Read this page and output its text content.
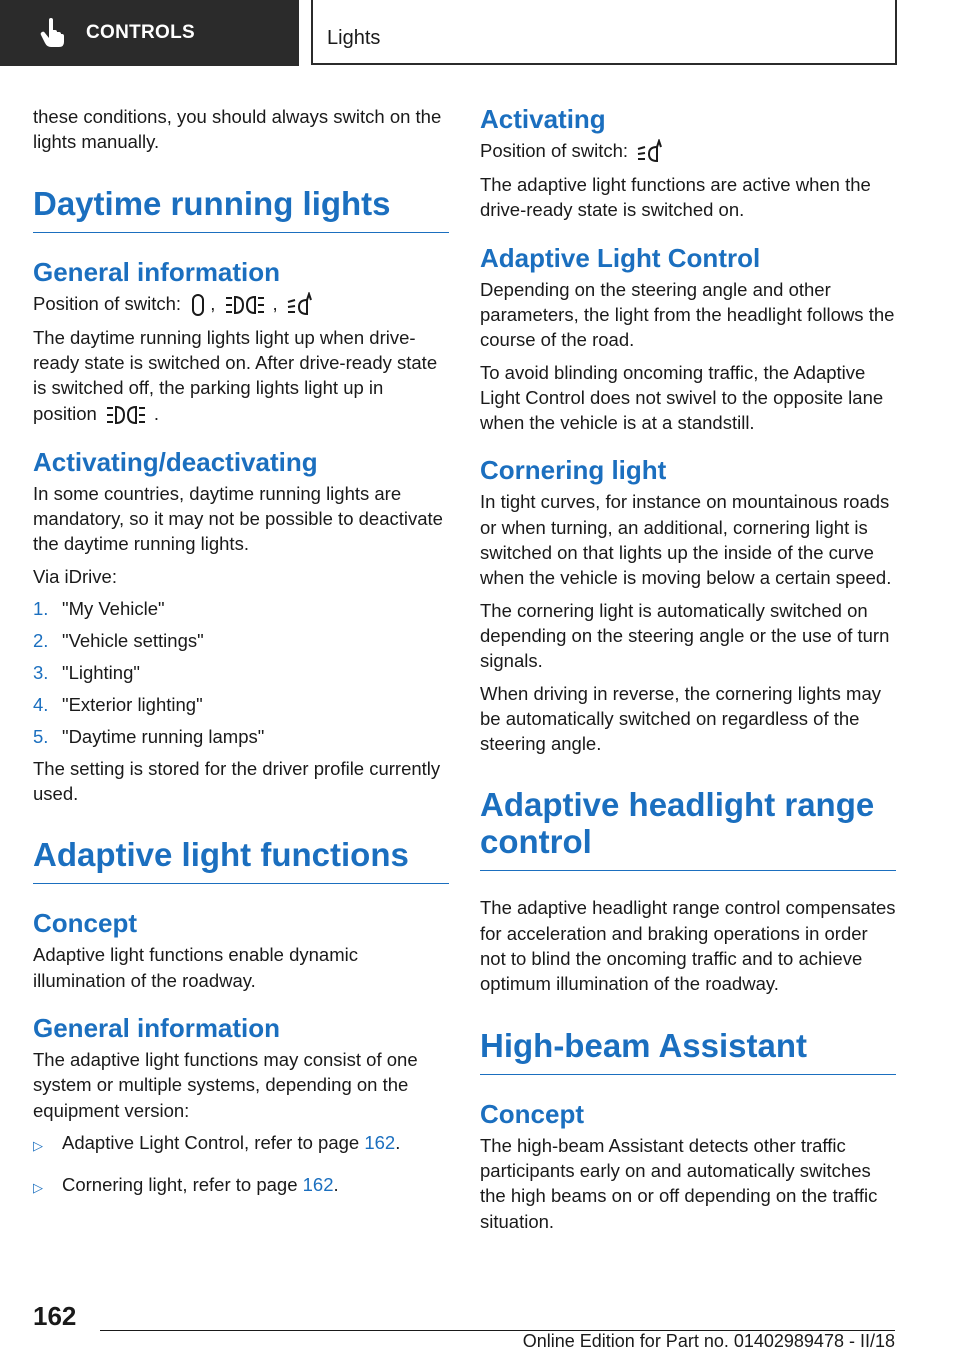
CONTROLS	Lights

these conditions, you should always switch on the lights manually.

Daytime running lights
General information

Position of switch: ,	,

The daytime running lights light up when drive-ready state is switched on. After drive-ready state is switched off, the parking lights light up in position	.

Activating/deactivating

In some countries, daytime running lights are mandatory, so it may not be possible to deactivate the daytime running lights.

Via iDrive:

1. "My Vehicle"
2. "Vehicle settings"
3. "Lighting"
4. "Exterior lighting"
5. "Daytime running lamps"

The setting is stored for the driver profile currently used.

Adaptive light functions
Concept

Adaptive light functions enable dynamic illumination of the roadway.

General information

The adaptive light functions may consist of one system or multiple systems, depending on the equipment version:

▷ Adaptive Light Control, refer to page 162.
▷ Cornering light, refer to page 162.
Activating

Position of switch:

The adaptive light functions are active when the drive-ready state is switched on.

Adaptive Light Control

Depending on the steering angle and other parameters, the light from the headlight follows the course of the road.

To avoid blinding oncoming traffic, the Adaptive Light Control does not swivel to the opposite lane when the vehicle is at a standstill.

Cornering light

In tight curves, for instance on mountainous roads or when turning, an additional, cornering light is switched on that lights up the inside of the curve when the vehicle is moving below a certain speed.

The cornering light is automatically switched on depending on the steering angle or the use of turn signals.

When driving in reverse, the cornering lights may be automatically switched on regardless of the steering angle.

Adaptive headlight range control

The adaptive headlight range control compensates for acceleration and braking operations in order not to blind the oncoming traffic and to achieve optimum illumination of the roadway.

High-beam Assistant
Concept

The high-beam Assistant detects other traffic participants early on and automatically switches the high beams on or off depending on the traffic situation.

162
Online Edition for Part no. 01402989478 - II/18
